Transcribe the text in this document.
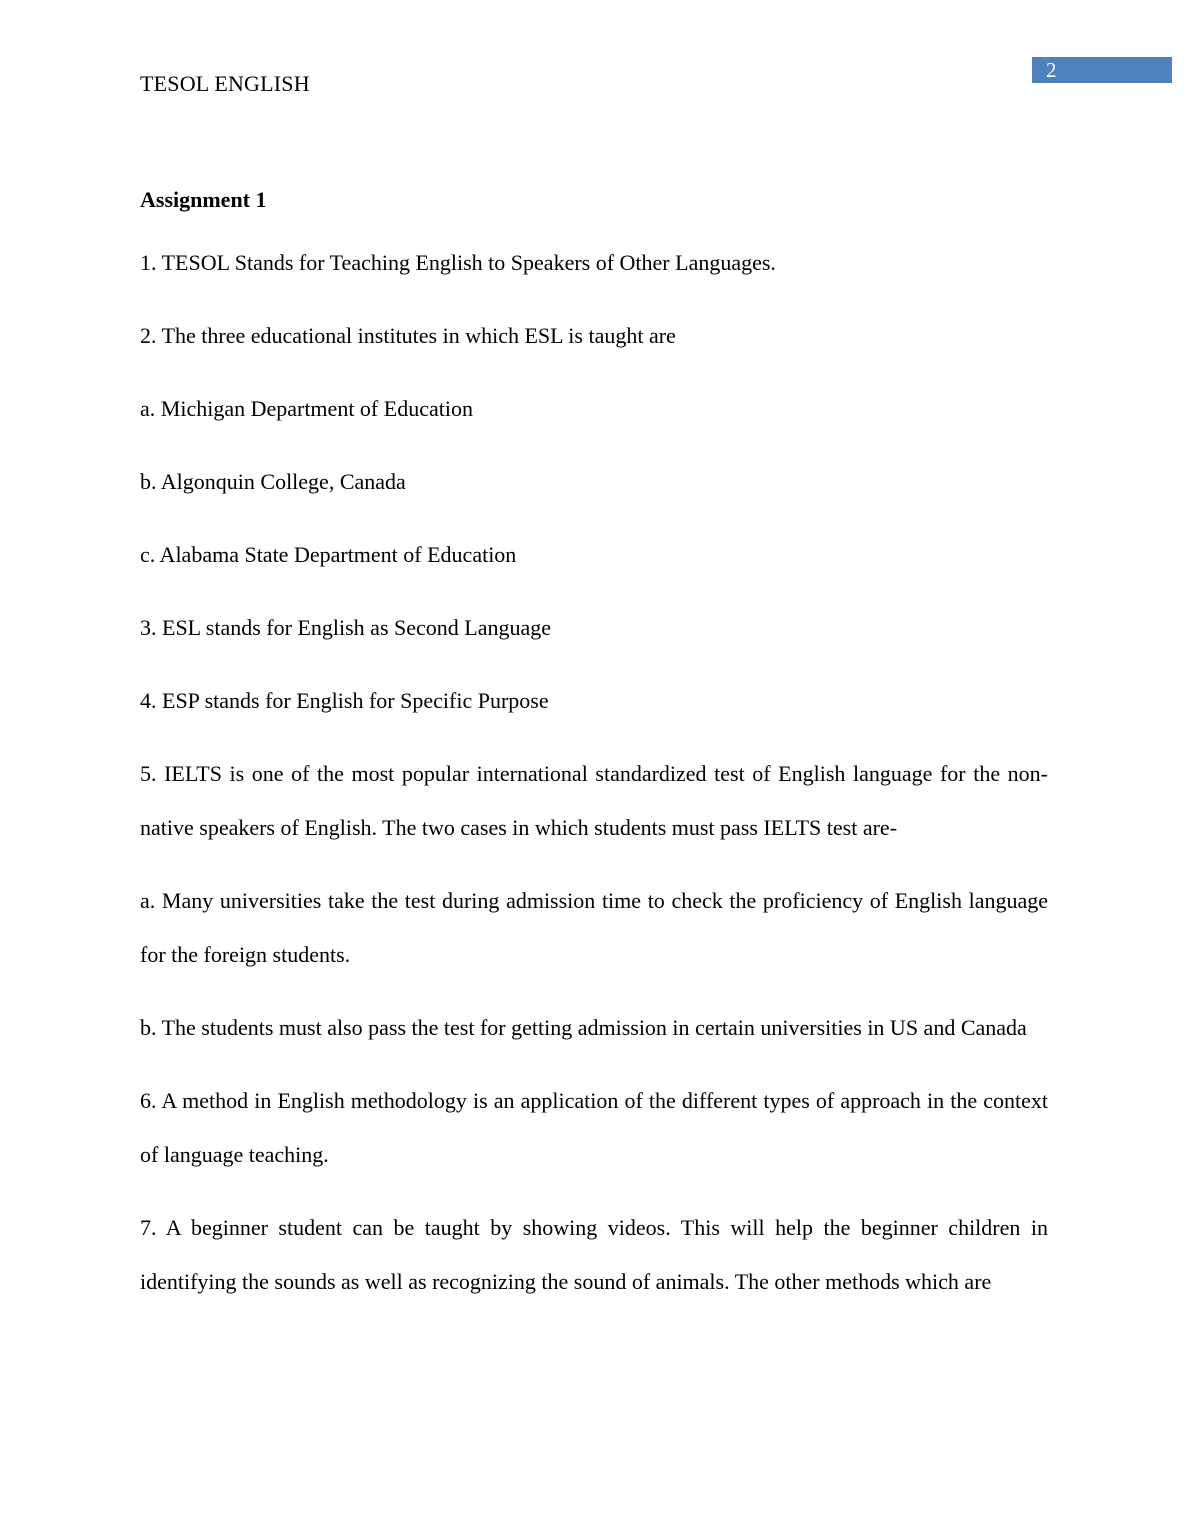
TESOL ENGLISH
2

Assignment 1

1. TESOL Stands for Teaching English to Speakers of Other Languages.

2. The three educational institutes in which ESL is taught are

a. Michigan Department of Education

b. Algonquin College, Canada

c. Alabama State Department of Education

3. ESL stands for English as Second Language

4. ESP stands for English for Specific Purpose

5. IELTS is one of the most popular international standardized test of English language for the non-native speakers of English. The two cases in which students must pass IELTS test are-

a. Many universities take the test during admission time to check the proficiency of English language for the foreign students.

b. The students must also pass the test for getting admission in certain universities in US and Canada

6. A method in English methodology is an application of the different types of approach in the context of language teaching.

7. A beginner student can be taught by showing videos. This will help the beginner children in identifying the sounds as well as recognizing the sound of animals. The other methods which are
